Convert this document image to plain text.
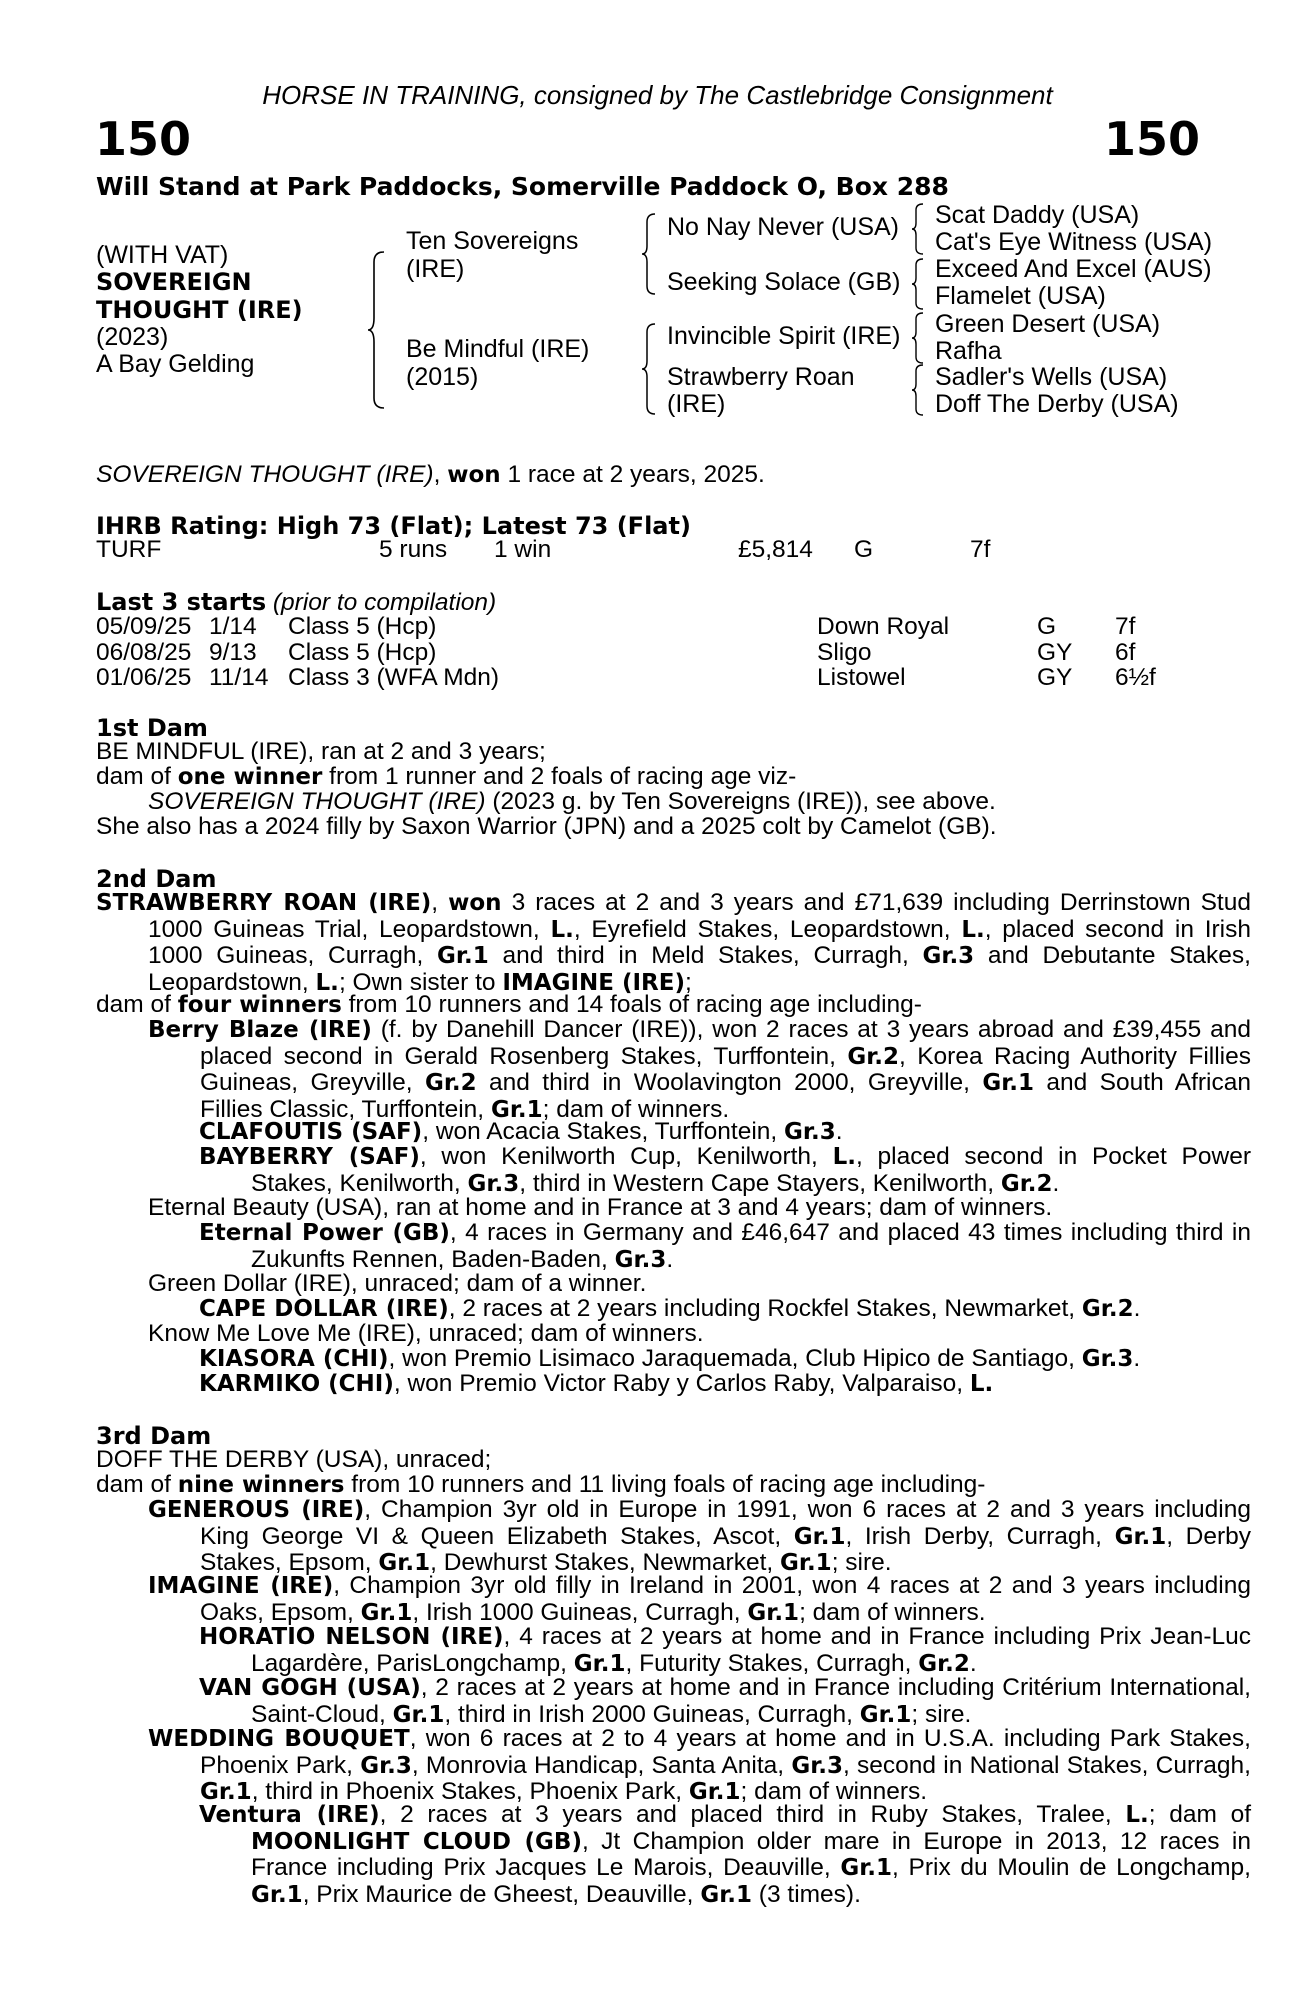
HORSE IN TRAINING, consigned by The Castlebridge Consignment
150	150
Will Stand at Park Paddocks, Somerville Paddock O, Box 288
(WITH VAT)
SOVEREIGN
THOUGHT (IRE)
(2023)
A Bay Gelding
Ten Sovereigns
(IRE)
Be Mindful (IRE)
(2015)
No Nay Never (USA)
Seeking Solace (GB)
Invincible Spirit (IRE)
Strawberry Roan
(IRE)
Scat Daddy (USA)
Cat's Eye Witness (USA)
Exceed And Excel (AUS)
Flamelet (USA)
Green Desert (USA)
Rafha
Sadler's Wells (USA)
Doff The Derby (USA)
SOVEREIGN THOUGHT (IRE), won 1 race at 2 years, 2025.
IHRB Rating: High 73 (Flat); Latest 73 (Flat)
TURF	5 runs 1 win	£5,814 G	7f
Last 3 starts (prior to compilation)
05/09/25 1/14 Class 5 (Hcp)	Down Royal	G 7f
06/08/25 9/13 Class 5 (Hcp)	Sligo	GY 6f
01/06/25 11/14 Class 3 (WFA Mdn)	Listowel	GY 6½f
1st Dam
BE MINDFUL (IRE), ran at 2 and 3 years;
dam of one winner from 1 runner and 2 foals of racing age viz-
SOVEREIGN THOUGHT (IRE) (2023 g. by Ten Sovereigns (IRE)), see above.
She also has a 2024 filly by Saxon Warrior (JPN) and a 2025 colt by Camelot (GB).
2nd Dam
STRAWBERRY ROAN (IRE), won 3 races at 2 and 3 years and £71,639 including Derrinstown Stud 1000 Guineas Trial, Leopardstown, L., Eyrefield Stakes, Leopardstown, L., placed second in Irish 1000 Guineas, Curragh, Gr.1 and third in Meld Stakes, Curragh, Gr.3 and Debutante Stakes, Leopardstown, L.; Own sister to IMAGINE (IRE);
dam of four winners from 10 runners and 14 foals of racing age including-
Berry Blaze (IRE) (f. by Danehill Dancer (IRE)), won 2 races at 3 years abroad and £39,455 and placed second in Gerald Rosenberg Stakes, Turffontein, Gr.2, Korea Racing Authority Fillies Guineas, Greyville, Gr.2 and third in Woolavington 2000, Greyville, Gr.1 and South African Fillies Classic, Turffontein, Gr.1; dam of winners.
CLAFOUTIS (SAF), won Acacia Stakes, Turffontein, Gr.3.
BAYBERRY (SAF), won Kenilworth Cup, Kenilworth, L., placed second in Pocket Power Stakes, Kenilworth, Gr.3, third in Western Cape Stayers, Kenilworth, Gr.2.
Eternal Beauty (USA), ran at home and in France at 3 and 4 years; dam of winners.
Eternal Power (GB), 4 races in Germany and £46,647 and placed 43 times including third in Zukunfts Rennen, Baden-Baden, Gr.3.
Green Dollar (IRE), unraced; dam of a winner.
CAPE DOLLAR (IRE), 2 races at 2 years including Rockfel Stakes, Newmarket, Gr.2.
Know Me Love Me (IRE), unraced; dam of winners.
KIASORA (CHI), won Premio Lisimaco Jaraquemada, Club Hipico de Santiago, Gr.3.
KARMIKO (CHI), won Premio Victor Raby y Carlos Raby, Valparaiso, L.
3rd Dam
DOFF THE DERBY (USA), unraced;
dam of nine winners from 10 runners and 11 living foals of racing age including-
GENEROUS (IRE), Champion 3yr old in Europe in 1991, won 6 races at 2 and 3 years including King George VI & Queen Elizabeth Stakes, Ascot, Gr.1, Irish Derby, Curragh, Gr.1, Derby Stakes, Epsom, Gr.1, Dewhurst Stakes, Newmarket, Gr.1; sire.
IMAGINE (IRE), Champion 3yr old filly in Ireland in 2001, won 4 races at 2 and 3 years including Oaks, Epsom, Gr.1, Irish 1000 Guineas, Curragh, Gr.1; dam of winners.
HORATIO NELSON (IRE), 4 races at 2 years at home and in France including Prix Jean-Luc Lagardère, ParisLongchamp, Gr.1, Futurity Stakes, Curragh, Gr.2.
VAN GOGH (USA), 2 races at 2 years at home and in France including Critérium International, Saint-Cloud, Gr.1, third in Irish 2000 Guineas, Curragh, Gr.1; sire.
WEDDING BOUQUET, won 6 races at 2 to 4 years at home and in U.S.A. including Park Stakes, Phoenix Park, Gr.3, Monrovia Handicap, Santa Anita, Gr.3, second in National Stakes, Curragh, Gr.1, third in Phoenix Stakes, Phoenix Park, Gr.1; dam of winners.
Ventura (IRE), 2 races at 3 years and placed third in Ruby Stakes, Tralee, L.; dam of MOONLIGHT CLOUD (GB), Jt Champion older mare in Europe in 2013, 12 races in France including Prix Jacques Le Marois, Deauville, Gr.1, Prix du Moulin de Longchamp, Gr.1, Prix Maurice de Gheest, Deauville, Gr.1 (3 times).
